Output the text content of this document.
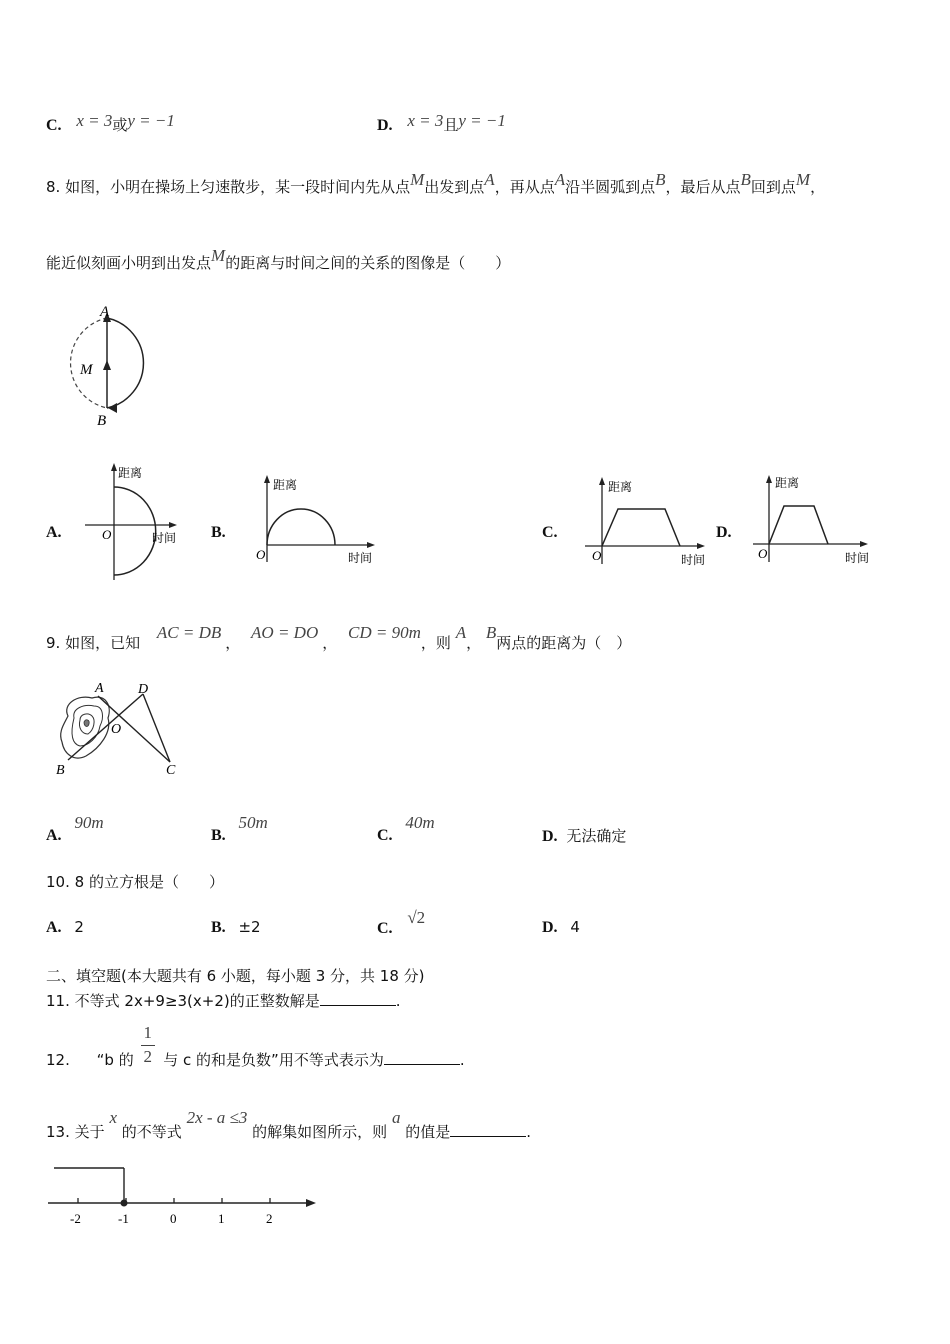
C. x = 3或y = −1	D. x = 3且y = −1
8. 如图，小明在操场上匀速散步，某一段时间内先从点M出发到点A，再从点A沿半圆弧到点B，最后从点B回到点M，
能近似刻画小明到出发点M的距离与时间之间的关系的图像是（　　）
A
M
B
A.
距离
时间
O	B.
距离
时间
O
C.
距离
时间
O
D.
距离
时间
O
9. 如图，已知 AC = DB， AO = DO， CD = 90m，则 A， B两点的距离为（　）
A D
O
B	C
A. 90m
B. 50m
C. 40m
D. 无法确定
10. 8 的立方根是（　　）
A. 2	B. ±2	C. √2
D. 4
二、填空题(本大题共有 6 小题，每小题 3 分，共 18 分)
11. 不等式 2x+9≥3(x+2)的正整数解是	.
12. “b 的 $\frac{1}{2}$ 与 c 的和是负数”用不等式表示为	.
13. 关于 x 的不等式 2x - a ≤3 的解集如图所示，则 a 的值是	.
-2	-1	0	1	2
